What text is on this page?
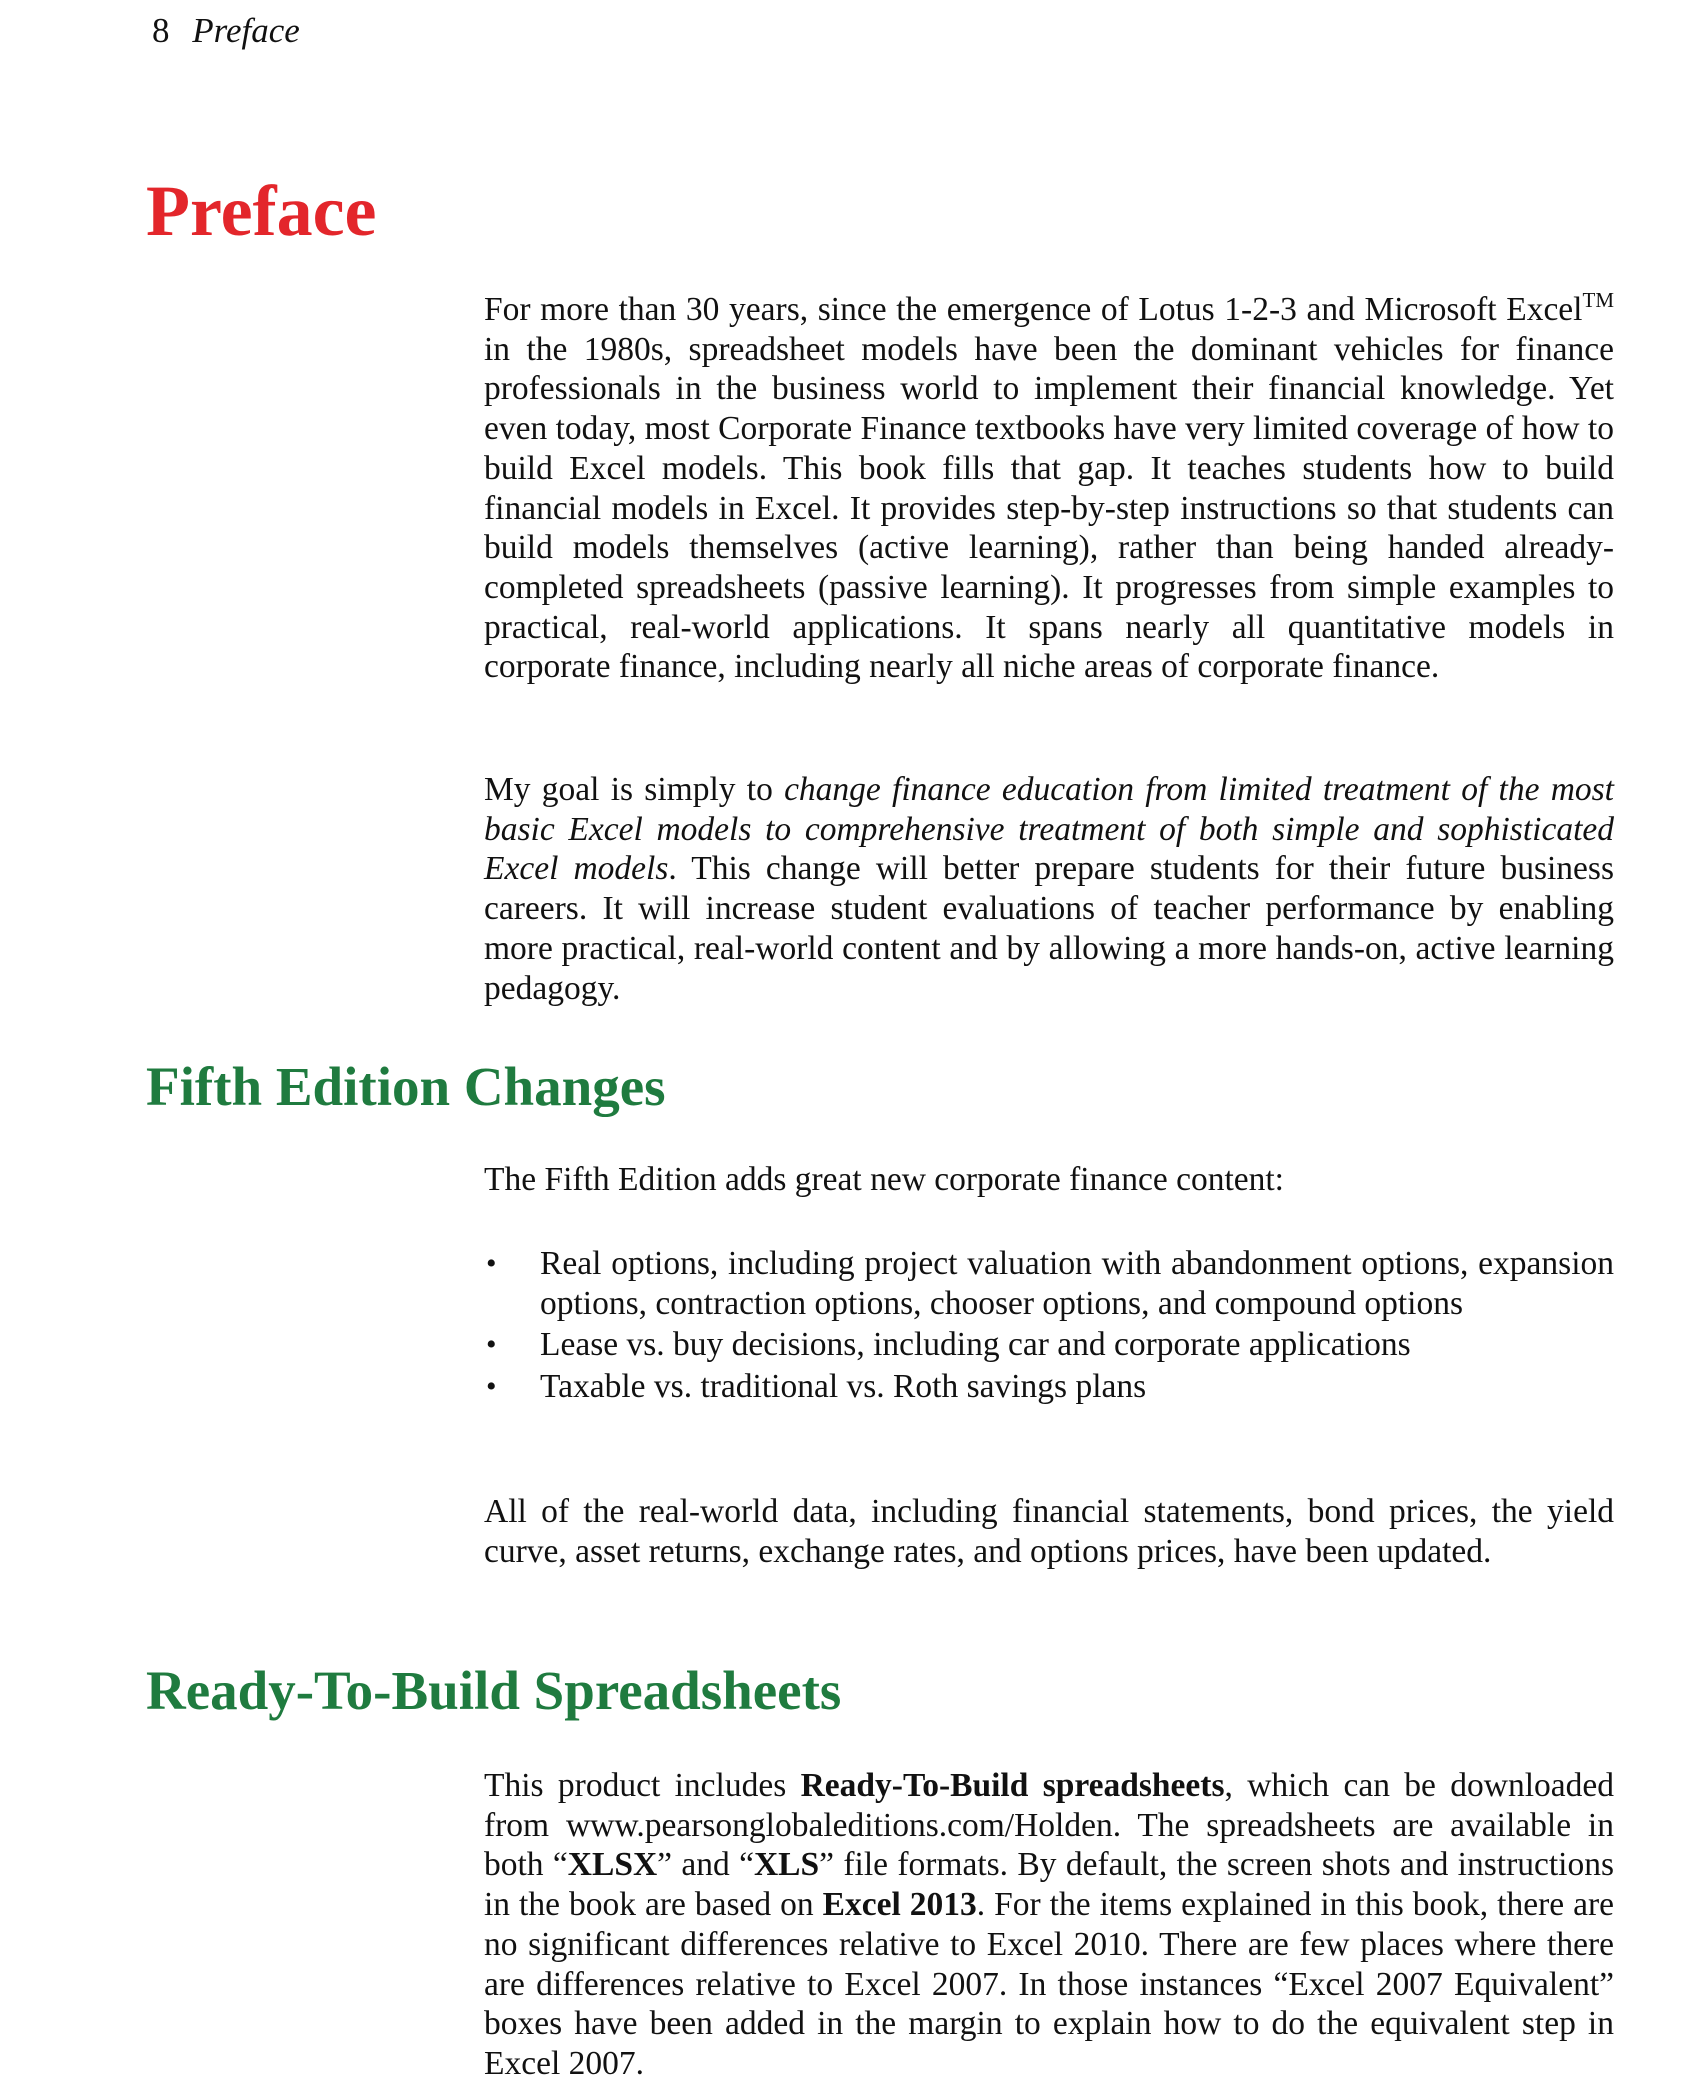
8 Preface
Preface

For more than 30 years, since the emergence of Lotus 1-2-3 and Microsoft Excel™ in the 1980s, spreadsheet models have been the dominant vehicles for finance professionals in the business world to implement their financial knowledge. Yet even today, most Corporate Finance textbooks have very limited coverage of how to build Excel models. This book fills that gap. It teaches students how to build financial models in Excel. It provides step-by-step instructions so that students can build models themselves (active learning), rather than being handed already-completed spreadsheets (passive learning). It progresses from simple examples to practical, real-world applications. It spans nearly all quantitative models in corporate finance, including nearly all niche areas of corporate finance.

My goal is simply to change finance education from limited treatment of the most basic Excel models to comprehensive treatment of both simple and sophisticated Excel models. This change will better prepare students for their future business careers. It will increase student evaluations of teacher performance by enabling more practical, real-world content and by allowing a more hands-on, active learning pedagogy.

Fifth Edition Changes

The Fifth Edition adds great new corporate finance content:

• Real options, including project valuation with abandonment options, expansion options, contraction options, chooser options, and compound options
• Lease vs. buy decisions, including car and corporate applications
• Taxable vs. traditional vs. Roth savings plans

All of the real-world data, including financial statements, bond prices, the yield curve, asset returns, exchange rates, and options prices, have been updated.

Ready-To-Build Spreadsheets

This product includes Ready-To-Build spreadsheets, which can be downloaded from www.pearsonglobaleditions.com/Holden. The spreadsheets are available in both “XLSX” and “XLS” file formats. By default, the screen shots and instructions in the book are based on Excel 2013. For the items explained in this book, there are no significant differences relative to Excel 2010. There are few places where there are differences relative to Excel 2007. In those instances “Excel 2007 Equivalent” boxes have been added in the margin to explain how to do the equivalent step in Excel 2007.
